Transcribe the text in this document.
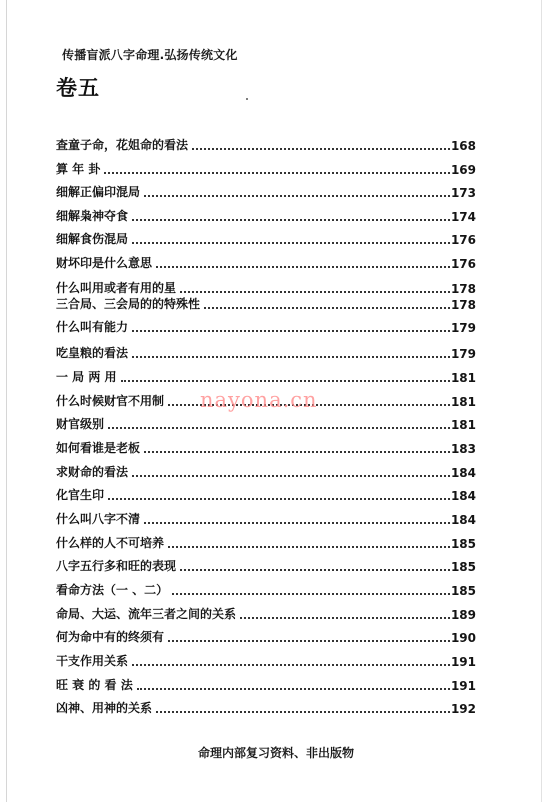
传播盲派八字命理.弘扬传统文化
卷五
查童子命，花姐命的看法	168
算 年 卦	169
细解正偏印混局	173
细解枭神夺食	174
细解食伤混局	176
财坏印是什么意思	176
什么叫用或者有用的星	178
三合局、三会局的的特殊性	178
什么叫有能力	179
吃皇粮的看法	179
一 局 两 用	181
什么时候财官不用制	181
财官级别	181
如何看谁是老板	183
求财命的看法	184
化官生印	184
什么叫八字不清	184
什么样的人不可培养	185
八字五行多和旺的表现	185
看命方法（一 、二）	185
命局、大运、流年三者之间的关系	189
何为命中有的终须有	190
干支作用关系	191
旺 衰 的 看 法	191
凶神、用神的关系	192
nayona.cn
命理内部复习资料、非出版物
